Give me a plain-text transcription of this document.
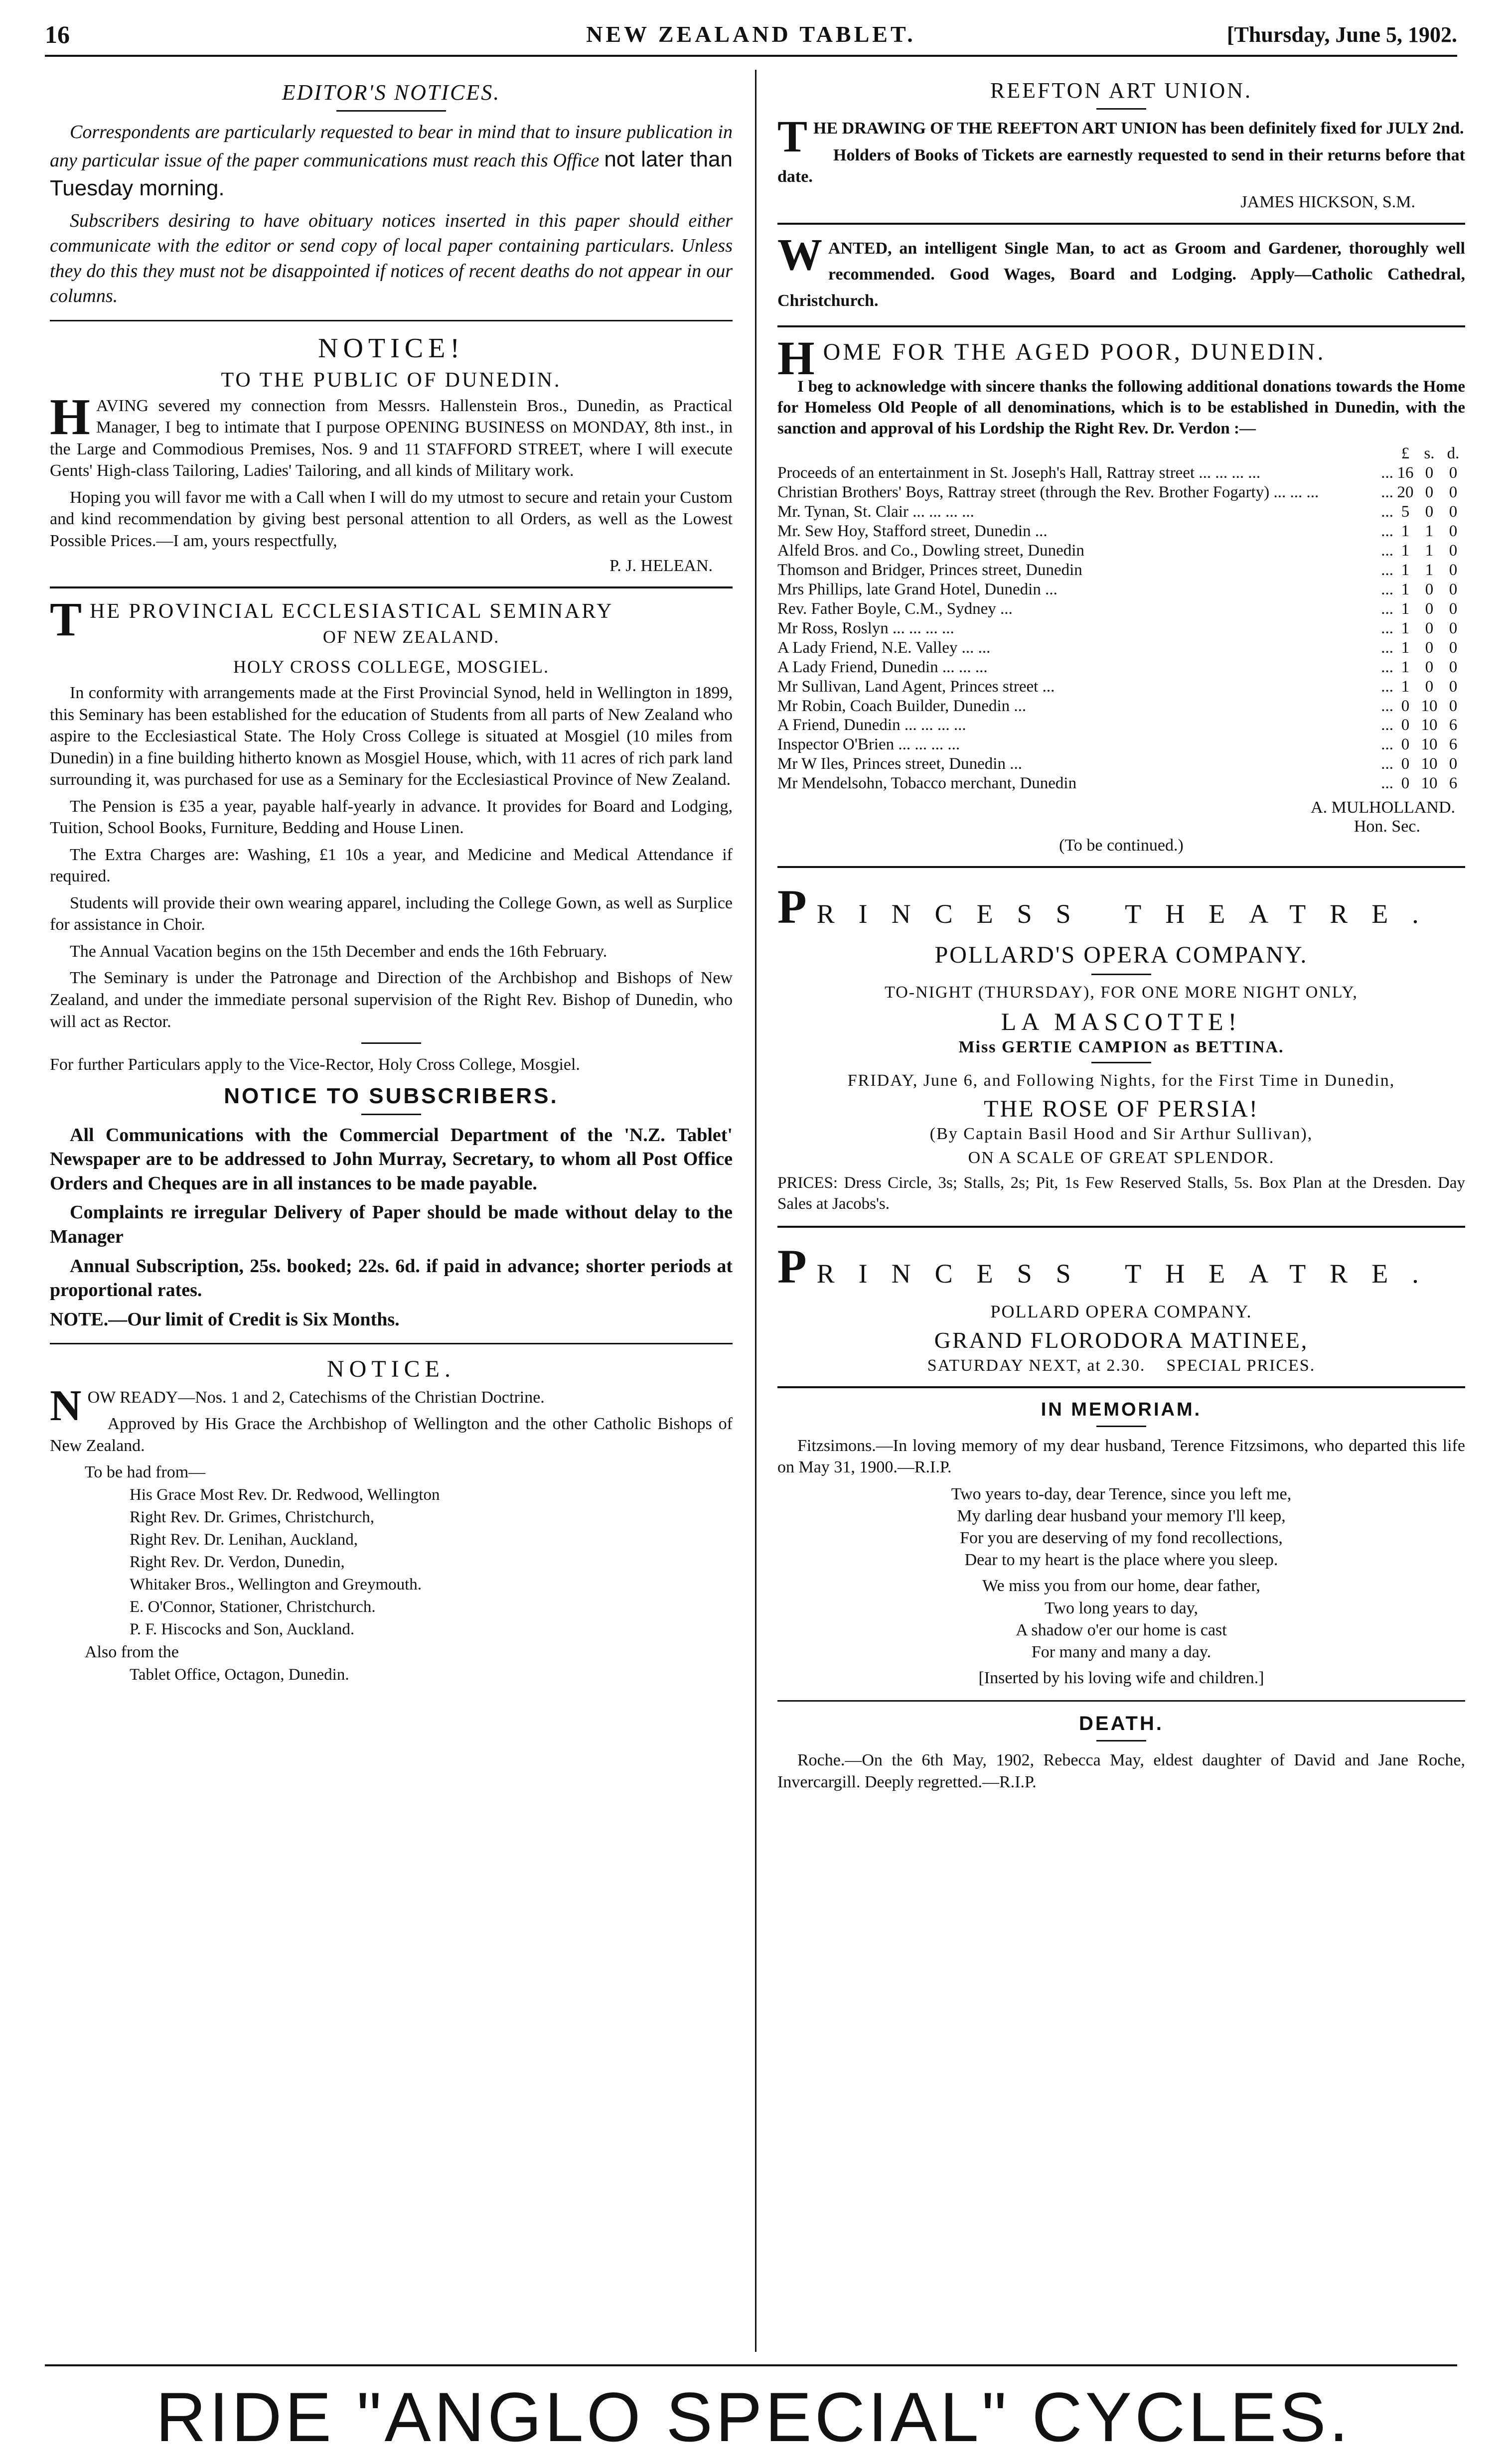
16	NEW ZEALAND TABLET.	[Thursday, June 5, 1902.
EDITOR'S NOTICES.

Correspondents are particularly requested to bear in mind that to insure publication in any particular issue of the paper communications must reach this Office not later than Tuesday morning.

Subscribers desiring to have obituary notices inserted in this paper should either communicate with the editor or send copy of local paper containing particulars. Unless they do this they must not be disappointed if notices of recent deaths do not appear in our columns.

NOTICE!
TO THE PUBLIC OF DUNEDIN.

HAVING severed my connection from Messrs. Hallenstein Bros., Dunedin, as Practical Manager, I beg to intimate that I purpose OPENING BUSINESS on MONDAY, 8th inst., in the Large and Commodious Premises, Nos. 9 and 11 STAFFORD STREET, where I will execute Gents' High-class Tailoring, Ladies' Tailoring, and all kinds of Military work.

Hoping you will favor me with a Call when I will do my utmost to secure and retain your Custom and kind recommendation by giving best personal attention to all Orders, as well as the Lowest Possible Prices.—I am, yours respectfully,

P. J. HELEAN.
THE PROVINCIAL ECCLESIASTICAL SEMINARY
OF NEW ZEALAND.
HOLY CROSS COLLEGE, MOSGIEL.

In conformity with arrangements made at the First Provincial Synod, held in Wellington in 1899, this Seminary has been established for the education of Students from all parts of New Zealand who aspire to the Ecclesiastical State. The Holy Cross College is situated at Mosgiel (10 miles from Dunedin) in a fine building hitherto known as Mosgiel House, which, with 11 acres of rich park land surrounding it, was purchased for use as a Seminary for the Ecclesiastical Province of New Zealand.

The Pension is £35 a year, payable half-yearly in advance. It provides for Board and Lodging, Tuition, School Books, Furniture, Bedding and House Linen.

The Extra Charges are: Washing, £1 10s a year, and Medicine and Medical Attendance if required.

Students will provide their own wearing apparel, including the College Gown, as well as Surplice for assistance in Choir.

The Annual Vacation begins on the 15th December and ends the 16th February.

The Seminary is under the Patronage and Direction of the Archbishop and Bishops of New Zealand, and under the immediate personal supervision of the Right Rev. Bishop of Dunedin, who will act as Rector.

For further Particulars apply to the Vice-Rector, Holy Cross College, Mosgiel.

NOTICE TO SUBSCRIBERS.

All Communications with the Commercial Department of the 'N.Z. Tablet' Newspaper are to be addressed to John Murray, Secretary, to whom all Post Office Orders and Cheques are in all instances to be made payable.

Complaints re irregular Delivery of Paper should be made without delay to the Manager

Annual Subscription, 25s. booked; 22s. 6d. if paid in advance; shorter periods at proportional rates.

NOTE.—Our limit of Credit is Six Months.

NOTICE.

NOW READY—Nos. 1 and 2, Catechisms of the Christian Doctrine.

Approved by His Grace the Archbishop of Wellington and the other Catholic Bishops of New Zealand.

To be had from—
His Grace Most Rev. Dr. Redwood, Wellington
Right Rev. Dr. Grimes, Christchurch,
Right Rev. Dr. Lenihan, Auckland,
Right Rev. Dr. Verdon, Dunedin,
Whitaker Bros., Wellington and Greymouth.
E. O'Connor, Stationer, Christchurch.
P. F. Hiscocks and Son, Auckland.
Also from the
Tablet Office, Octagon, Dunedin.
REEFTON ART UNION.

THE DRAWING OF THE REEFTON ART UNION has been definitely fixed for JULY 2nd.

Holders of Books of Tickets are earnestly requested to send in their returns before that date.

JAMES HICKSON, S.M.

WANTED, an intelligent Single Man, to act as Groom and Gardener, thoroughly well recommended. Good Wages, Board and Lodging. Apply—Catholic Cathedral, Christchurch.

HOME FOR THE AGED POOR, DUNEDIN.

I beg to acknowledge with sincere thanks the following additional donations towards the Home for Homeless Old People of all denominations, which is to be established in Dunedin, with the sanction and approval of his Lordship the Right Rev. Dr. Verdon :—

		£	s.	d.
Proceeds of an entertainment in St. Joseph's Hall, Rattray street ... ... ... ...	...	16	0	0
Christian Brothers' Boys, Rattray street (through the Rev. Brother Fogarty) ... ... ...	...	20	0	0
Mr. Tynan, St. Clair ... ... ... ...	...	5	0	0
Mr. Sew Hoy, Stafford street, Dunedin ...	...	1	1	0
Alfeld Bros. and Co., Dowling street, Dunedin	...	1	1	0
Thomson and Bridger, Princes street, Dunedin	...	1	1	0
Mrs Phillips, late Grand Hotel, Dunedin ...	...	1	0	0
Rev. Father Boyle, C.M., Sydney ...	...	1	0	0
Mr Ross, Roslyn ... ... ... ...	...	1	0	0
A Lady Friend, N.E. Valley ... ...	...	1	0	0
A Lady Friend, Dunedin ... ... ...	...	1	0	0
Mr Sullivan, Land Agent, Princes street ...	...	1	0	0
Mr Robin, Coach Builder, Dunedin ...	...	0	10	0
A Friend, Dunedin ... ... ... ...	...	0	10	6
Inspector O'Brien ... ... ... ...	...	0	10	6
Mr W Iles, Princes street, Dunedin ...	...	0	10	0
Mr Mendelsohn, Tobacco merchant, Dunedin	...	0	10	6
A. MULHOLLAND.
Hon. Sec.
(To be continued.)
PRINCESS THEATRE.
POLLARD'S OPERA COMPANY.
TO-NIGHT (THURSDAY), FOR ONE MORE NIGHT ONLY,
LA MASCOTTE!
Miss GERTIE CAMPION as BETTINA.
FRIDAY, June 6, and Following Nights, for the First Time in Dunedin,
THE ROSE OF PERSIA!
(By Captain Basil Hood and Sir Arthur Sullivan),
ON A SCALE OF GREAT SPLENDOR.

PRICES: Dress Circle, 3s; Stalls, 2s; Pit, 1s Few Reserved Stalls, 5s. Box Plan at the Dresden. Day Sales at Jacobs's.

PRINCESS THEATRE.
POLLARD OPERA COMPANY.
GRAND FLORODORA MATINEE,
SATURDAY NEXT, at 2.30. SPECIAL PRICES.
IN MEMORIAM.

Fitzsimons.—In loving memory of my dear husband, Terence Fitzsimons, who departed this life on May 31, 1900.—R.I.P.

Two years to-day, dear Terence, since you left me,
My darling dear husband your memory I'll keep,
For you are deserving of my fond recollections,
Dear to my heart is the place where you sleep.
We miss you from our home, dear father,
Two long years to day,
A shadow o'er our home is cast
For many and many a day.
[Inserted by his loving wife and children.]
DEATH.

Roche.—On the 6th May, 1902, Rebecca May, eldest daughter of David and Jane Roche, Invercargill. Deeply regretted.—R.I.P.

RIDE "ANGLO SPECIAL" CYCLES.
